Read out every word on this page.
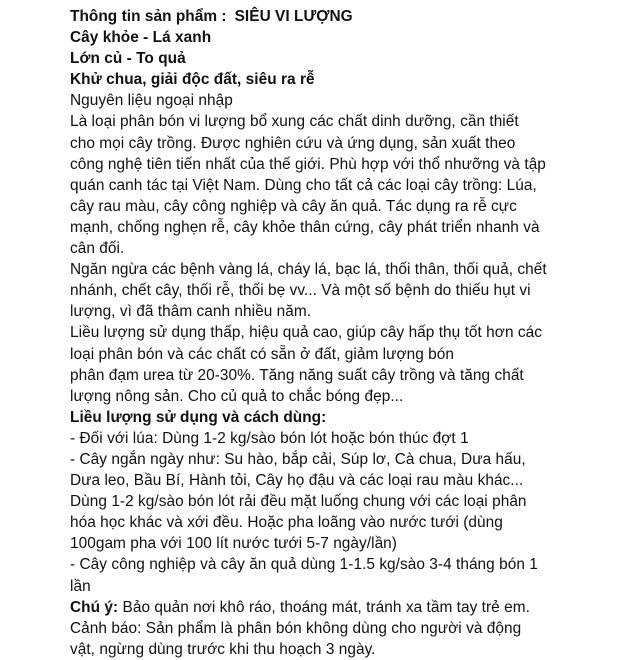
Thông tin sản phẩm : SIÊU VI LƯỢNG
Cây khỏe - Lá xanh
Lớn củ - To quả
Khử chua, giải độc đất, siêu ra rễ
Nguyên liệu ngoại nhập
Là loại phân bón vi lượng bổ xung các chất dinh dưỡng, cần thiết
cho mọi cây trồng. Được nghiên cứu và ứng dụng, sản xuất theo
công nghệ tiên tiến nhất của thế giới. Phù hợp với thổ nhưỡng và tập
quán canh tác tại Việt Nam. Dùng cho tất cả các loại cây trồng: Lúa,
cây rau màu, cây công nghiệp và cây ăn quả. Tác dụng ra rễ cực
mạnh, chống nghẹn rễ, cây khỏe thân cứng, cây phát triển nhanh và
cân đối.
Ngăn ngừa các bệnh vàng lá, cháy lá, bạc lá, thối thân, thối quả, chết
nhánh, chết cây, thối rễ, thối bẹ vv... Và một số bệnh do thiếu hụt vi
lượng, vì đã thâm canh nhiều năm.
Liều lượng sử dụng thấp, hiệu quả cao, giúp cây hấp thụ tốt hơn các
loại phân bón và các chất có sẵn ở đất, giảm lượng bón
phân đạm urea từ 20-30%. Tăng năng suất cây trồng và tăng chất
lượng nông sản. Cho củ quả to chắc bóng đẹp...
Liều lượng sử dụng và cách dùng:
- Đối với lúa: Dùng 1-2 kg/sào bón lót hoặc bón thúc đợt 1
- Cây ngắn ngày như: Su hào, bắp cải, Súp lơ, Cà chua, Dưa hấu,
Dưa leo, Bầu Bí, Hành tỏi, Cây họ đậu và các loại rau màu khác...
Dùng 1-2 kg/sào bón lót rải đều mặt luống chung với các loại phân
hóa học khác và xới đều. Hoặc pha loãng vào nước tưới (dùng
100gam pha với 100 lít nước tưới 5-7 ngày/lần)
- Cây công nghiệp và cây ăn quả dùng 1-1.5 kg/sào 3-4 tháng bón 1
lần
Chú ý: Bảo quản nơi khô ráo, thoáng mát, tránh xa tầm tay trẻ em.
Cảnh báo: Sản phẩm là phân bón không dùng cho người và động
vật, ngừng dùng trước khi thu hoạch 3 ngày.
